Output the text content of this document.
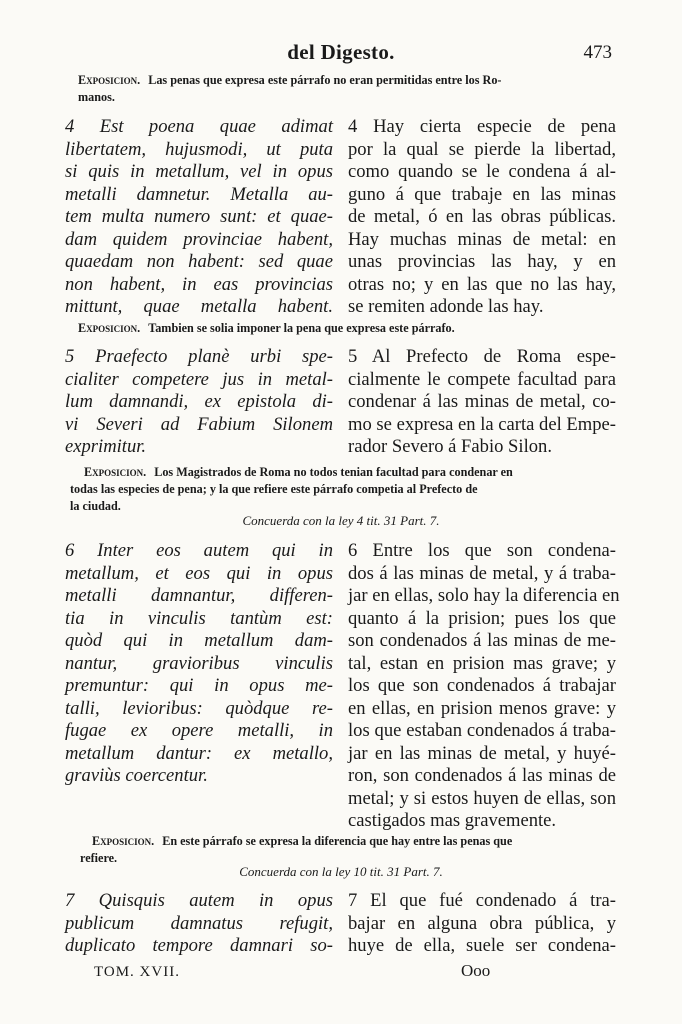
del Digesto.	473
Exposicion. Las penas que expresa este párrafo no eran permitidas entre los Ro-
manos.
4 Est poena quae adimat
libertatem, hujusmodi, ut puta
si quis in metallum, vel in opus
metalli damnetur. Metalla au-
tem multa numero sunt: et quae-
dam quidem provinciae habent,
quaedam non habent: sed quae
non habent, in eas provincias
mittunt, quae metalla habent.
4 Hay cierta especie de pena
por la qual se pierde la libertad,
como quando se le condena á al-
guno á que trabaje en las minas
de metal, ó en las obras públicas.
Hay muchas minas de metal: en
unas provincias las hay, y en
otras no; y en las que no las hay,
se remiten adonde las hay.
Exposicion. Tambien se solia imponer la pena que expresa este párrafo.
5 Praefecto planè urbi spe-
cialiter competere jus in metal-
lum damnandi, ex epistola di-
vi Severi ad Fabium Silonem
exprimitur.
5 Al Prefecto de Roma espe-
cialmente le compete facultad para
condenar á las minas de metal, co-
mo se expresa en la carta del Empe-
rador Severo á Fabio Silon.
Exposicion. Los Magistrados de Roma no todos tenian facultad para condenar en
todas las especies de pena; y la que refiere este párrafo competia al Prefecto de
la ciudad.
Concuerda con la ley 4 tit. 31 Part. 7.
6 Inter eos autem qui in
metallum, et eos qui in opus
metalli damnantur, differen-
tia in vinculis tantùm est:
quòd qui in metallum dam-
nantur, gravioribus vinculis
premuntur: qui in opus me-
talli, levioribus: quòdque re-
fugae ex opere metalli, in
metallum dantur: ex metallo,
graviùs coercentur.
6 Entre los que son condena-
dos á las minas de metal, y á traba-
jar en ellas, solo hay la diferencia en
quanto á la prision; pues los que
son condenados á las minas de me-
tal, estan en prision mas grave; y
los que son condenados á trabajar
en ellas, en prision menos grave: y
los que estaban condenados á traba-
jar en las minas de metal, y huyé-
ron, son condenados á las minas de
metal; y si estos huyen de ellas, son
castigados mas gravemente.
Exposicion. En este párrafo se expresa la diferencia que hay entre las penas que
refiere.
Concuerda con la ley 10 tit. 31 Part. 7.
7 Quisquis autem in opus
publicum damnatus refugit,
duplicato tempore damnari so-
7 El que fué condenado á tra-
bajar en alguna obra pública, y
huye de ella, suele ser condena-
TOM. XVII.	Ooo
